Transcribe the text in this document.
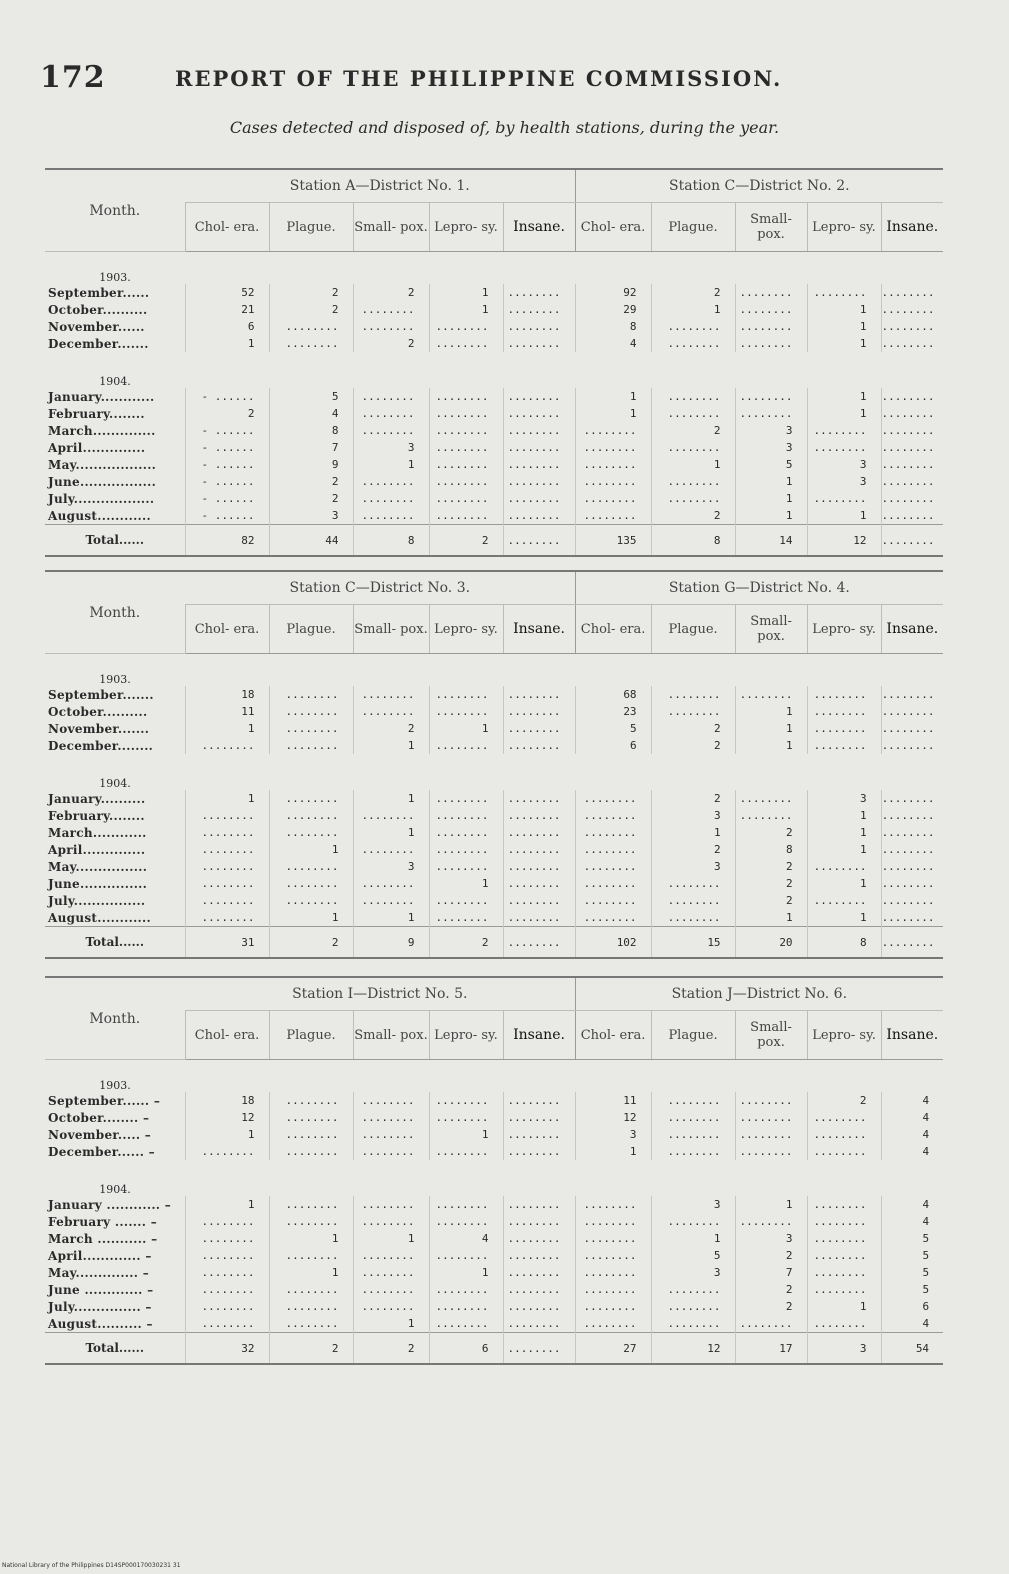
172	REPORT OF THE PHILIPPINE COMMISSION.
Cases detected and disposed of, by health stations, during the year.
Month.	Station A—District No. 1.					Station C—District No. 2.				
	Chol- era.	Plague.	Small- pox.	Lepro- sy.	Insane.	Chol- era.	Plague.	Small- pox.	Lepro- sy.	Insane.

1903.										
September......	52	2	2	1	........	92	2	........	........	........
October..........	21	2	........	1	........	29	1	........	1	........
November......	6	........	........	........	........	8	........	........	1	........
December.......	1	........	2	........	........	4	........	........	1	........

1904.										
January............	- ......	5	........	........	........	1	........	........	1	........
February........	2	4	........	........	........	1	........	........	1	........
March..............	- ......	8	........	........	........	........	2	3	........	........
April..............	- ......	7	3	........	........	........	........	3	........	........
May..................	- ......	9	1	........	........	........	1	5	3	........
June.................	- ......	2	........	........	........	........	........	1	3	........
July..................	- ......	2	........	........	........	........	........	1	........	........
August............	- ......	3	........	........	........	........	2	1	1	........
Total......	82	44	8	2	........	135	8	14	12	........
Month.	Station C—District No. 3.					Station G—District No. 4.				
	Chol- era.	Plague.	Small- pox.	Lepro- sy.	Insane.	Chol- era.	Plague.	Small- pox.	Lepro- sy.	Insane.

1903.										
September.......	18	........	........	........	........	68	........	........	........	........
October..........	11	........	........	........	........	23	........	1	........	........
November.......	1	........	2	1	........	5	2	1	........	........
December........	........	........	1	........	........	6	2	1	........	........

1904.										
January..........	1	........	1	........	........	........	2	........	3	........
February........	........	........	........	........	........	........	3	........	1	........
March............	........	........	1	........	........	........	1	2	1	........
April..............	........	1	........	........	........	........	2	8	1	........
May................	........	........	3	........	........	........	3	2	........	........
June...............	........	........	........	1	........	........	........	2	1	........
July................	........	........	........	........	........	........	........	2	........	........
August............	........	1	1	........	........	........	........	1	1	........
Total......	31	2	9	2	........	102	15	20	8	........
Month.	Station I—District No. 5.					Station J—District No. 6.				
	Chol- era.	Plague.	Small- pox.	Lepro- sy.	Insane.	Chol- era.	Plague.	Small- pox.	Lepro- sy.	Insane.

1903.										
September...... –	18	........	........	........	........	11	........	........	2	4
October........ –	12	........	........	........	........	12	........	........	........	4
November..... –	1	........	........	1	........	3	........	........	........	4
December...... –	........	........	........	........	........	1	........	........	........	4

1904.										
January ............ –	1	........	........	........	........	........	3	1	........	4
February ....... –	........	........	........	........	........	........	........	........	........	4
March ........... –	........	1	1	4	........	........	1	3	........	5
April............. –	........	........	........	........	........	........	5	2	........	5
May.............. –	........	1	........	1	........	........	3	7	........	5
June ............. –	........	........	........	........	........	........	........	2	........	5
July............... –	........	........	........	........	........	........	........	2	1	6
August.......... –	........	........	1	........	........	........	........	........	........	4
Total......	32	2	2	6	........	27	12	17	3	54
National Library of the Philippines D14SP000170030231 31
